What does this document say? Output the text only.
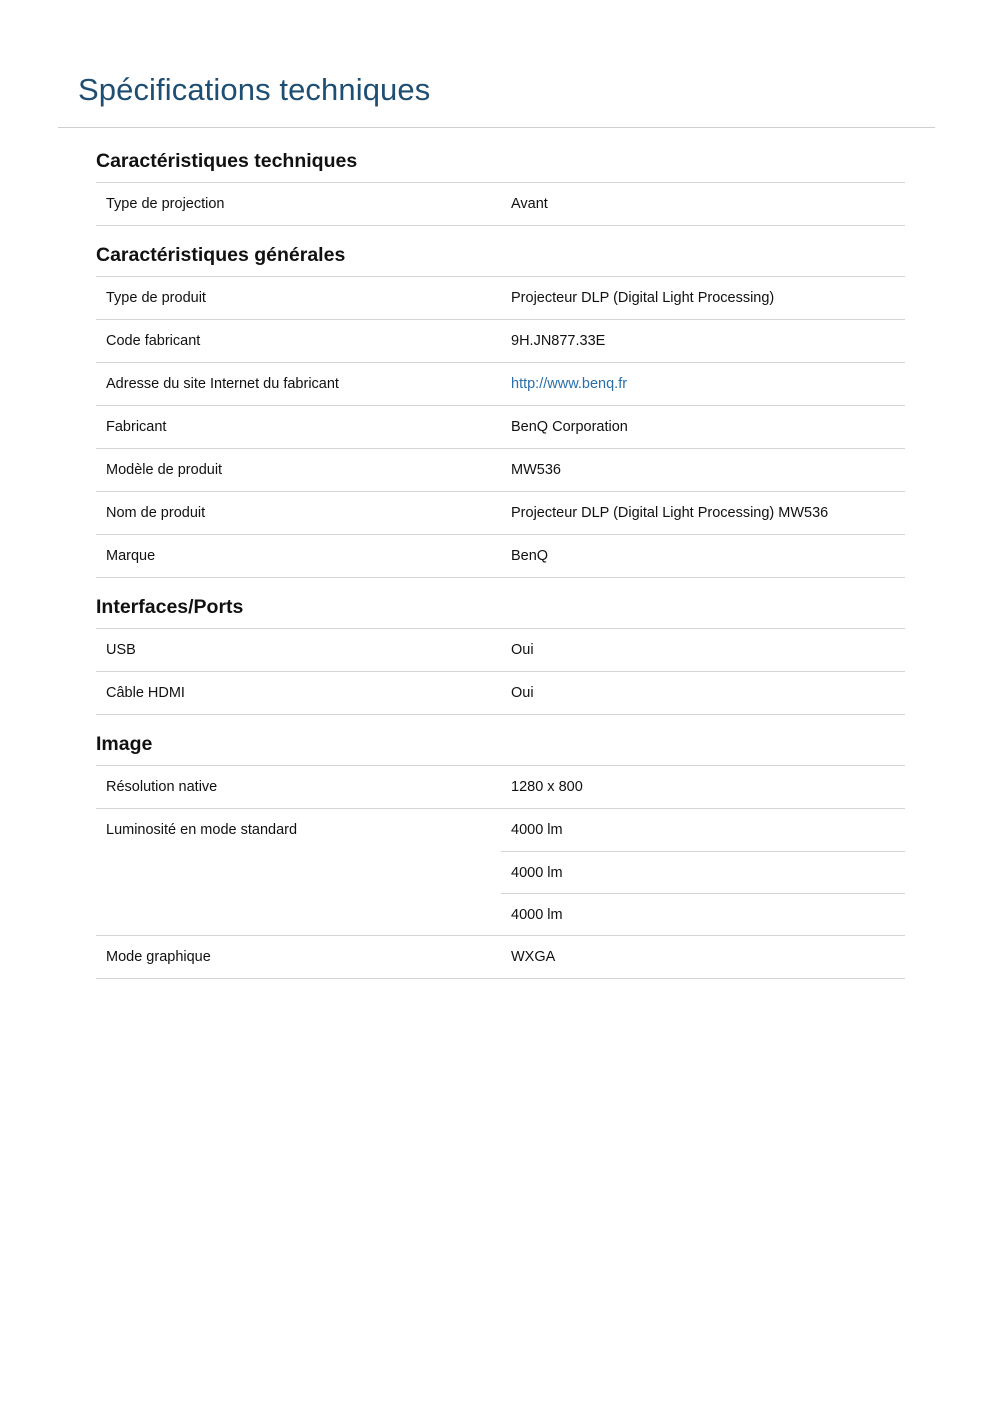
Spécifications techniques
Caractéristiques techniques
Type de projection	Avant
Caractéristiques générales
Type de produit	Projecteur DLP (Digital Light Processing)
Code fabricant	9H.JN877.33E
Adresse du site Internet du fabricant	http://www.benq.fr
Fabricant	BenQ Corporation
Modèle de produit	MW536
Nom de produit	Projecteur DLP (Digital Light Processing) MW536
Marque	BenQ
Interfaces/Ports
USB	Oui
Câble HDMI	Oui
Image
Résolution native	1280 x 800
Luminosité en mode standard	4000 lm
4000 lm
4000 lm
Mode graphique	WXGA
